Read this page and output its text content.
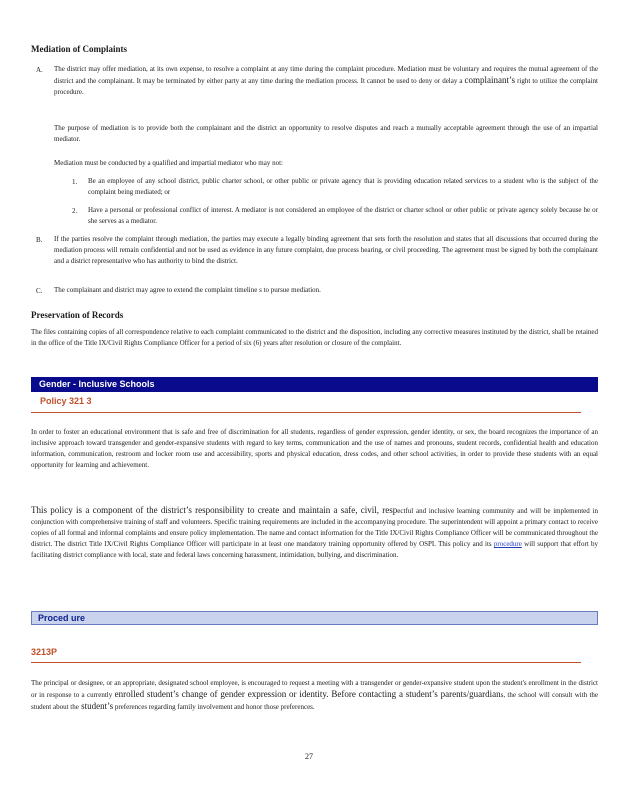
Mediation of Complaints
A. The district may offer mediation, at its own expense, to resolve a complaint at any time during the complaint procedure. Mediation must be voluntary and requires the mutual agreement of the district and the complainant. It may be terminated by either party at any time during the mediation process. It cannot be used to deny or delay a complainant’s right to utilize the complaint procedure.
The purpose of mediation is to provide both the complainant and the district an opportunity to resolve disputes and reach a mutually acceptable agreement through the use of an impartial mediator.
Mediation must be conducted by a qualified and impartial mediator who may not:
1. Be an employee of any school district, public charter school, or other public or private agency that is providing education related services to a student who is the subject of the complaint being mediated; or
2. Have a personal or professional conflict of interest. A mediator is not considered an employee of the district or charter school or other public or private agency solely because he or she serves as a mediator.
B. If the parties resolve the complaint through mediation, the parties may execute a legally binding agreement that sets forth the resolution and states that all discussions that occurred during the mediation process will remain confidential and not be used as evidence in any future complaint, due process hearing, or civil proceeding. The agreement must be signed by both the complainant and a district representative who has authority to bind the district.
C. The complainant and district may agree to extend the complaint timeline s to pursue mediation.
Preservation of Records
The files containing copies of all correspondence relative to each complaint communicated to the district and the disposition, including any corrective measures instituted by the district, shall be retained in the office of the Title IX/Civil Rights Compliance Officer for a period of six (6) years after resolution or closure of the complaint.
Gender - Inclusive Schools
Policy 321 3
In order to foster an educational environment that is safe and free of discrimination for all students, regardless of gender expression, gender identity, or sex, the board recognizes the importance of an inclusive approach toward transgender and gender-expansive students with regard to key terms, communication and the use of names and pronouns, student records, confidential health and education information, communication, restroom and locker room use and accessibility, sports and physical education, dress codes, and other school activities, in order to provide these students with an equal opportunity for learning and achievement.
This policy is a component of the district’s responsibility to create and maintain a safe, civil, respectful and inclusive learning community and will be implemented in conjunction with comprehensive training of staff and volunteers. Specific training requirements are included in the accompanying procedure. The superintendent will appoint a primary contact to receive copies of all formal and informal complaints and ensure policy implementation. The name and contact information for the Title IX/Civil Rights Compliance Officer will be communicated throughout the district. The district Title IX/Civil Rights Compliance Officer will participate in at least one mandatory training opportunity offered by OSPI. This policy and its procedure will support that effort by facilitating district compliance with local, state and federal laws concerning harassment, intimidation, bullying, and discrimination.
Proced ure
3213P
The principal or designee, or an appropriate, designated school employee, is encouraged to request a meeting with a transgender or gender-expansive student upon the student's enrollment in the district or in response to a currently enrolled student’s change of gender expression or identity. Before contacting a student’s parents/guardians, the school will consult with the student about the student’s preferences regarding family involvement and honor those preferences.
27
